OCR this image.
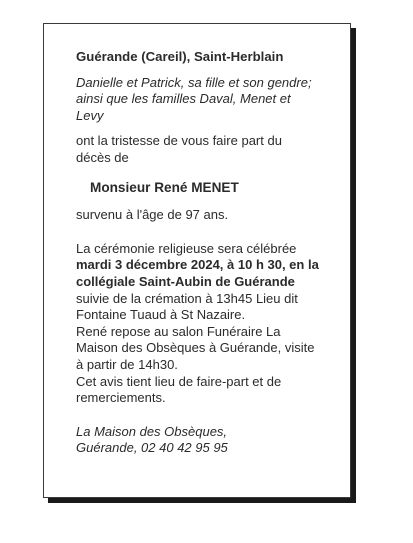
Guérande (Careil), Saint-Herblain

Danielle et Patrick, sa fille et son gendre;
ainsi que les familles Daval, Menet et Levy

ont la tristesse de vous faire part du décès de

Monsieur René MENET

survenu à l'âge de 97 ans.

La cérémonie religieuse sera célébrée mardi 3 décembre 2024, à 10 h 30, en la collégiale Saint-Aubin de Guérande suivie de la crémation à 13h45 Lieu dit Fontaine Tuaud à St Nazaire.
René repose au salon Funéraire La Maison des Obsèques à Guérande, visite à partir de 14h30.
Cet avis tient lieu de faire-part et de remerciements.

La Maison des Obsèques,
Guérande, 02 40 42 95 95
